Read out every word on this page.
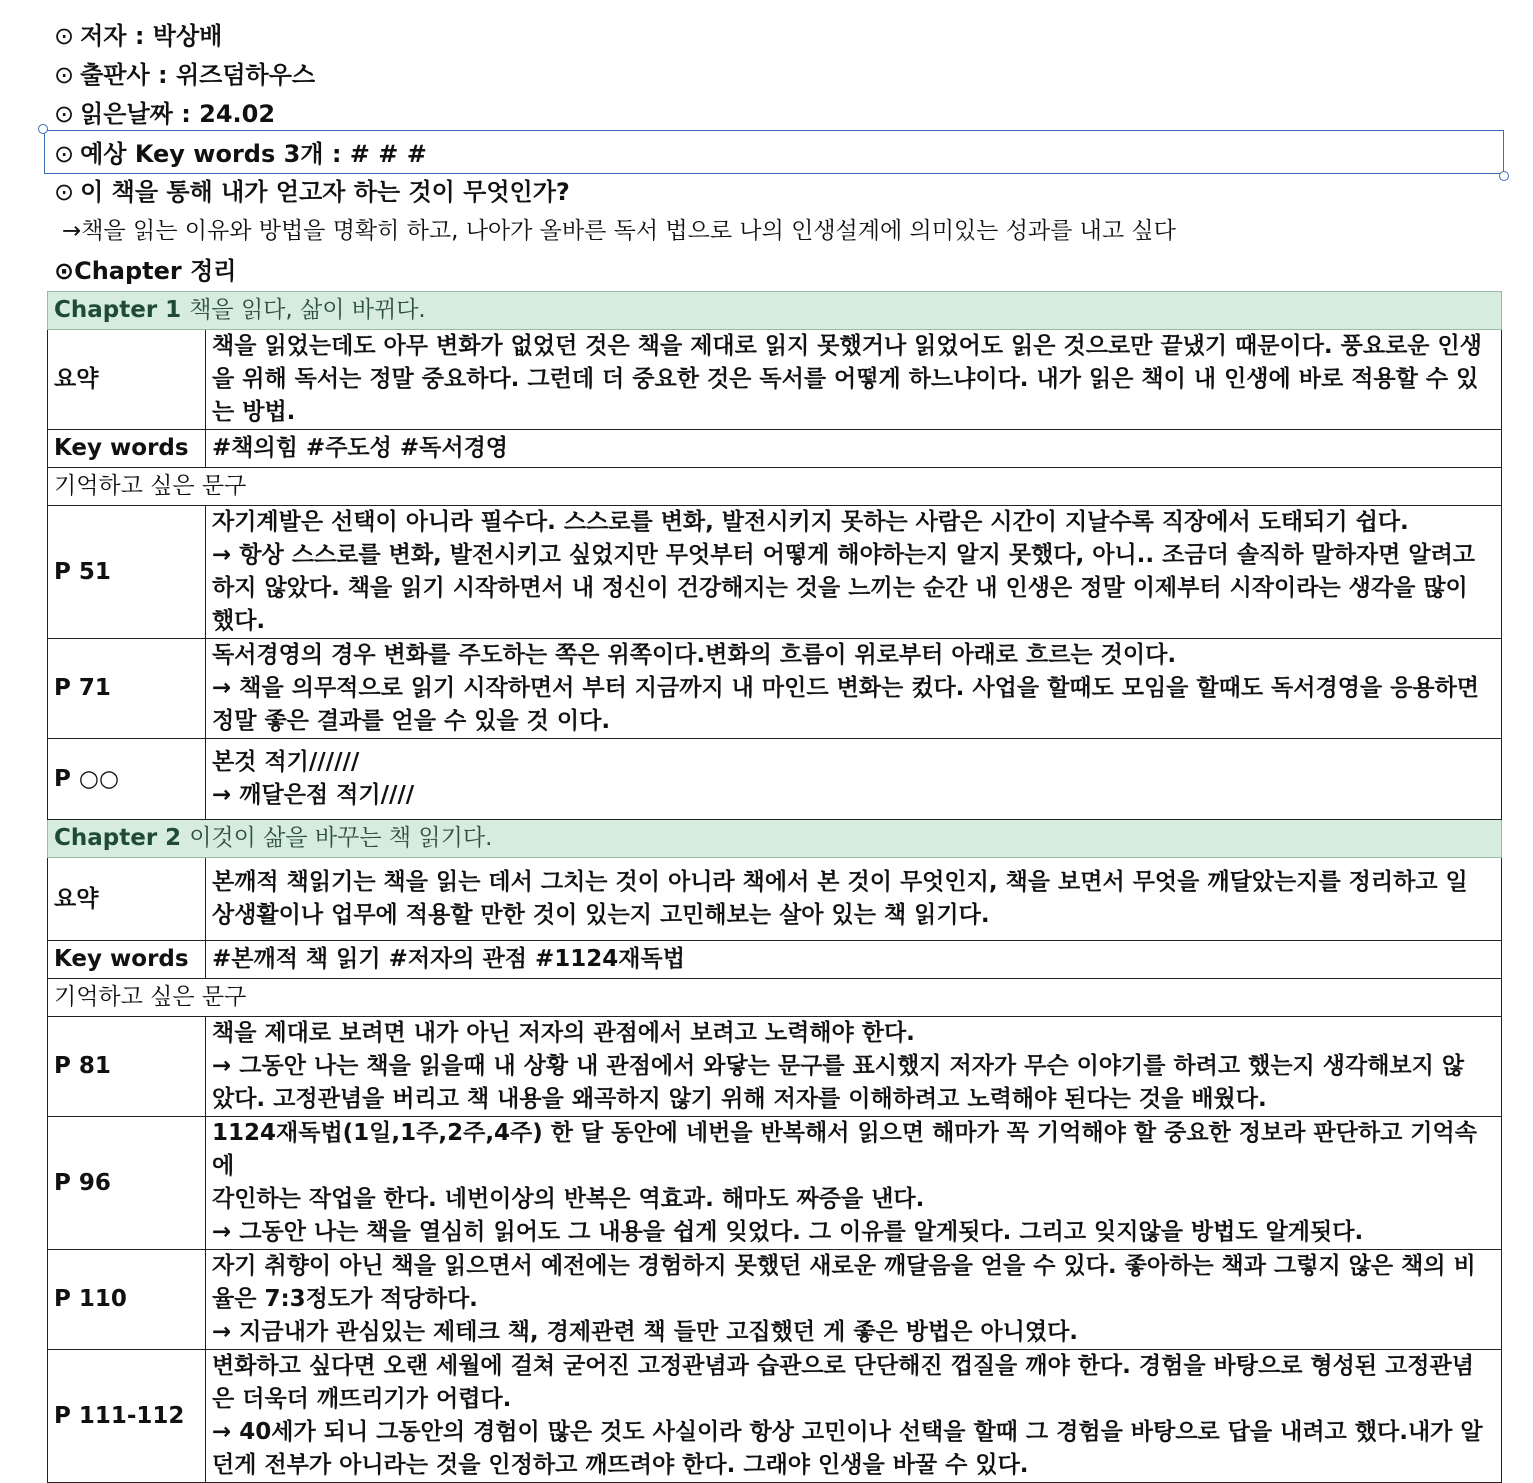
⊙ 저자 : 박상배
⊙ 출판사 : 위즈덤하우스
⊙ 읽은날짜 : 24.02
⊙ 예상 Key words 3개 : # # #
⊙ 이 책을 통해 내가 얻고자 하는 것이 무엇인가?
→책을 읽는 이유와 방법을 명확히 하고, 나아가 올바른 독서 법으로 나의 인생설계에 의미있는 성과를 내고 싶다
⊙Chapter 정리
Chapter 1 책을 읽다, 삶이 바뀌다.	
요약	책을 읽었는데도 아무 변화가 없었던 것은 책을 제대로 읽지 못했거나 읽었어도 읽은 것으로만 끝냈기 때문이다. 풍요로운 인생
을 위해 독서는 정말 중요하다. 그런데 더 중요한 것은 독서를 어떻게 하느냐이다. 내가 읽은 책이 내 인생에 바로 적용할 수 있
는 방법.

Key words	#책의힘 #주도성 #독서경영
기억하고 싶은 문구	
P 51	자기계발은 선택이 아니라 필수다. 스스로를 변화, 발전시키지 못하는 사람은 시간이 지날수록 직장에서 도태되기 쉽다.
→ 항상 스스로를 변화, 발전시키고 싶었지만 무엇부터 어떻게 해야하는지 알지 못했다, 아니.. 조금더 솔직하 말하자면 알려고
하지 않았다. 책을 읽기 시작하면서 내 정신이 건강해지는 것을 느끼는 순간 내 인생은 정말 이제부터 시작이라는 생각을 많이
했다.

P 71	독서경영의 경우 변화를 주도하는 쪽은 위쪽이다.변화의 흐름이 위로부터 아래로 흐르는 것이다.
→ 책을 의무적으로 읽기 시작하면서 부터 지금까지 내 마인드 변화는 컸다. 사업을 할때도 모임을 할때도 독서경영을 응용하면
정말 좋은 결과를 얻을 수 있을 것 이다.

P ○○	본것 적기//////
→ 깨달은점 적기////

Chapter 2 이것이 삶을 바꾸는 책 읽기다.	
요약	본깨적 책읽기는 책을 읽는 데서 그치는 것이 아니라 책에서 본 것이 무엇인지, 책을 보면서 무엇을 깨달았는지를 정리하고 일
상생활이나 업무에 적용할 만한 것이 있는지 고민해보는 살아 있는 책 읽기다.

Key words	#본깨적 책 읽기 #저자의 관점 #1124재독법
기억하고 싶은 문구	
P 81	책을 제대로 보려면 내가 아닌 저자의 관점에서 보려고 노력해야 한다.
→ 그동안 나는 책을 읽을때 내 상황 내 관점에서 와닿는 문구를 표시했지 저자가 무슨 이야기를 하려고 했는지 생각해보지 않
았다. 고정관념을 버리고 책 내용을 왜곡하지 않기 위해 저자를 이해하려고 노력해야 된다는 것을 배웠다.

P 96	1124재독법(1일,1주,2주,4주) 한 달 동안에 네번을 반복해서 읽으면 해마가 꼭 기억해야 할 중요한 정보라 판단하고 기억속에
각인하는 작업을 한다. 네번이상의 반복은 역효과. 해마도 짜증을 낸다.
→ 그동안 나는 책을 열심히 읽어도 그 내용을 쉽게 잊었다. 그 이유를 알게됫다. 그리고 잊지않을 방법도 알게됫다.

P 110	자기 취향이 아닌 책을 읽으면서 예전에는 경험하지 못했던 새로운 깨달음을 얻을 수 있다. 좋아하는 책과 그렇지 않은 책의 비
율은 7:3정도가 적당하다.
→ 지금내가 관심있는 제테크 책, 경제관련 책 들만 고집했던 게 좋은 방법은 아니였다.

P 111-112	변화하고 싶다면 오랜 세월에 걸쳐 굳어진 고정관념과 습관으로 단단해진 껍질을 깨야 한다. 경험을 바탕으로 형성된 고정관념
은 더욱더 깨뜨리기가 어렵다.
→ 40세가 되니 그동안의 경험이 많은 것도 사실이라 항상 고민이나 선택을 할때 그 경험을 바탕으로 답을 내려고 했다.내가 알
던게 전부가 아니라는 것을 인정하고 깨뜨려야 한다. 그래야 인생을 바꿀 수 있다.
